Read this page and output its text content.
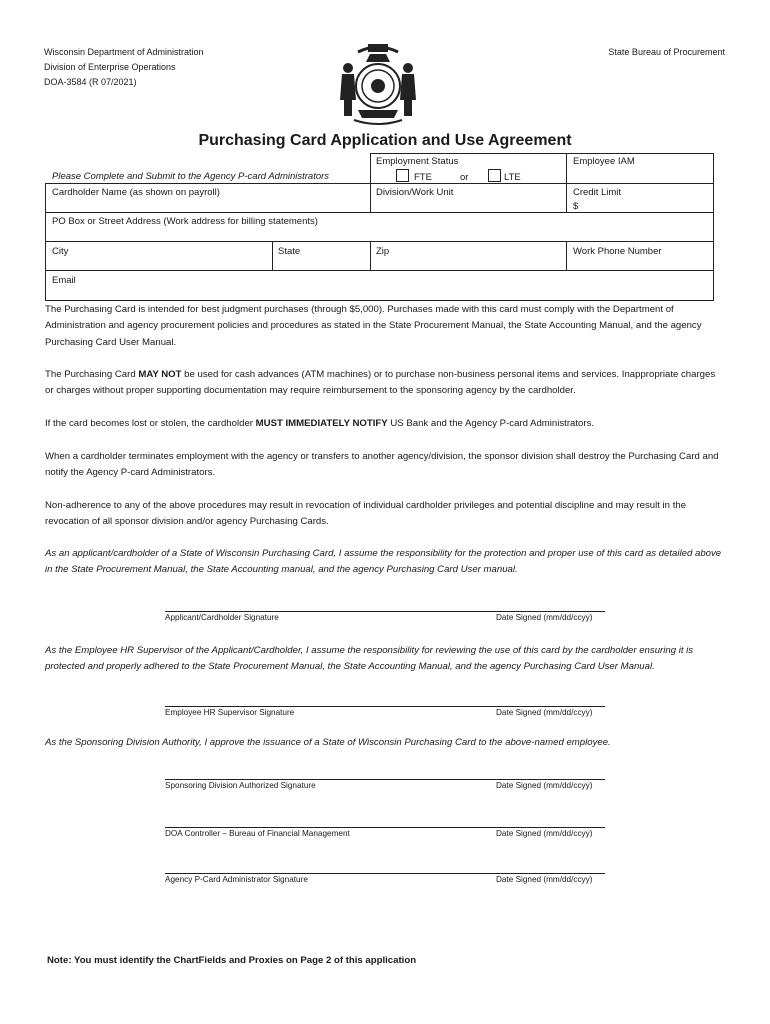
Wisconsin Department of Administration
Division of Enterprise Operations
DOA-3584 (R 07/2021)
State Bureau of Procurement
Purchasing Card Application and Use Agreement
Please Complete and Submit to the Agency P-card Administrators
Employment Status
FTE	or	LTE
Employee IAM
Cardholder Name (as shown on payroll)	Division/Work Unit	Credit Limit
$
PO Box or Street Address (Work address for billing statements)
City	State	Zip	Work Phone Number
Email
The Purchasing Card is intended for best judgment purchases (through $5,000). Purchases made with this card must comply with the Department of Administration and agency procurement policies and procedures as stated in the State Procurement Manual, the State Accounting Manual, and the agency Purchasing Card User Manual.
The Purchasing Card MAY NOT be used for cash advances (ATM machines) or to purchase non-business personal items and services. Inappropriate charges or charges without proper supporting documentation may require reimbursement to the sponsoring agency by the cardholder.
If the card becomes lost or stolen, the cardholder MUST IMMEDIATELY NOTIFY US Bank and the Agency P-card Administrators.
When a cardholder terminates employment with the agency or transfers to another agency/division, the sponsor division shall destroy the Purchasing Card and notify the Agency P-card Administrators.
Non-adherence to any of the above procedures may result in revocation of individual cardholder privileges and potential discipline and may result in the revocation of all sponsor division and/or agency Purchasing Cards.
As an applicant/cardholder of a State of Wisconsin Purchasing Card, I assume the responsibility for the protection and proper use of this card as detailed above in the State Procurement Manual, the State Accounting manual, and the agency Purchasing Card User manual.
Applicant/Cardholder Signature	Date Signed (mm/dd/ccyy)
As the Employee HR Supervisor of the Applicant/Cardholder, I assume the responsibility for reviewing the use of this card by the cardholder ensuring it is protected and properly adhered to the State Procurement Manual, the State Accounting Manual, and the agency Purchasing Card User Manual.
Employee HR Supervisor Signature	Date Signed (mm/dd/ccyy)
As the Sponsoring Division Authority, I approve the issuance of a State of Wisconsin Purchasing Card to the above-named employee.
Sponsoring Division Authorized Signature	Date Signed (mm/dd/ccyy)
DOA Controller – Bureau of Financial Management	Date Signed (mm/dd/ccyy)
Agency P-Card Administrator Signature	Date Signed (mm/dd/ccyy)
Note: You must identify the ChartFields and Proxies on Page 2 of this application
